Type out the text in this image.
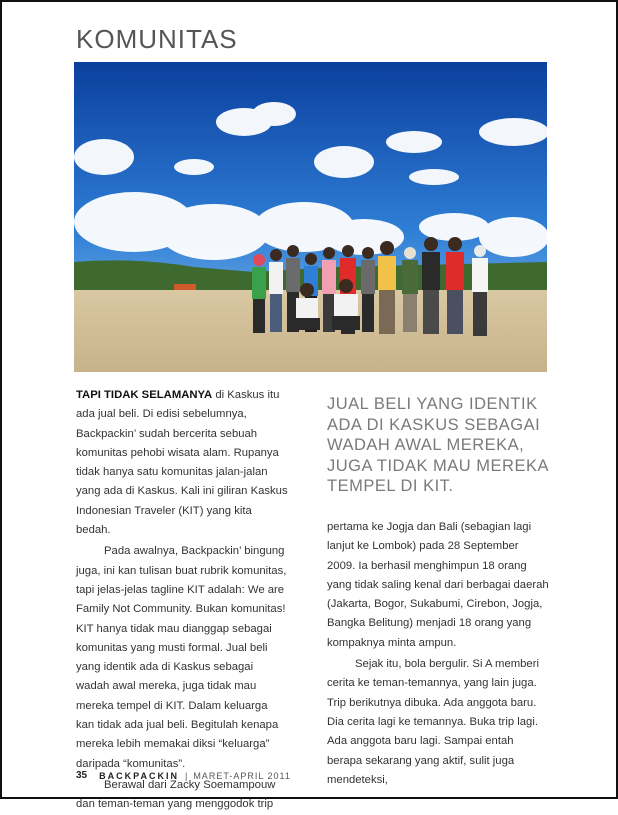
KOMUNITAS

TAPI TIDAK SELAMANYA di Kaskus itu ada jual beli. Di edisi sebelumnya, Backpackin’ sudah bercerita sebuah komunitas pehobi wisata alam. Rupanya tidak hanya satu komunitas jalan-jalan yang ada di Kaskus. Kali ini giliran Kaskus Indonesian Traveler (KIT) yang kita bedah.

Pada awalnya, Backpackin’ bingung juga, ini kan tulisan buat rubrik komunitas, tapi jelas-jelas tagline KIT adalah: We are Family Not Community. Bukan komunitas! KIT hanya tidak mau dianggap sebagai komunitas yang musti formal. Jual beli yang identik ada di Kaskus sebagai wadah awal mereka, juga tidak mau mereka tempel di KIT. Dalam keluarga kan tidak ada jual beli. Begitulah kenapa mereka lebih memakai diksi “keluarga” daripada “komunitas”.

Berawal dari Zacky Soemampouw dan teman-teman yang menggodok trip

JUAL BELI YANG IDENTIK ADA DI KASKUS SEBAGAI WADAH AWAL MEREKA, JUGA TIDAK MAU MEREKA TEMPEL DI KIT.

pertama ke Jogja dan Bali (sebagian lagi lanjut ke Lombok) pada 28 September 2009. Ia berhasil menghimpun 18 orang yang tidak saling kenal dari berbagai daerah (Jakarta, Bogor, Sukabumi, Cirebon, Jogja, Bangka Belitung) menjadi 18 orang yang kompaknya minta ampun.

Sejak itu, bola bergulir. Si A memberi cerita ke teman-temannya, yang lain juga. Trip berikutnya dibuka. Ada anggota baru. Dia cerita lagi ke temannya. Buka trip lagi. Ada anggota baru lagi. Sampai entah berapa sekarang yang aktif, sulit juga mendeteksi,

35 BACKPACKIN | MARET-APRIL 2011
